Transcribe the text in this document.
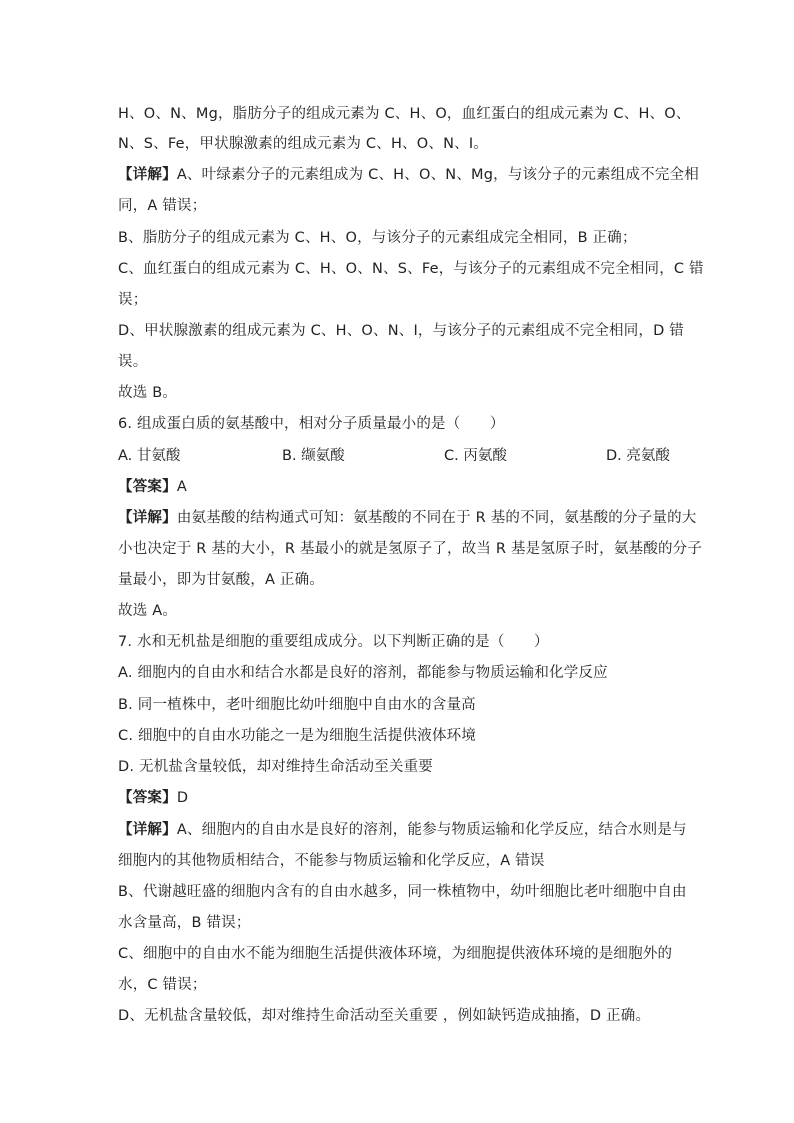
H、O、N、Mg，脂肪分子的组成元素为 C、H、O，血红蛋白的组成元素为 C、H、O、
N、S、Fe，甲状腺激素的组成元素为 C、H、O、N、I。
【详解】A、叶绿素分子的元素组成为 C、H、O、N、Mg，与该分子的元素组成不完全相
同，A 错误；
B、脂肪分子的组成元素为 C、H、O，与该分子的元素组成完全相同，B 正确；
C、血红蛋白的组成元素为 C、H、O、N、S、Fe，与该分子的元素组成不完全相同，C 错
误；
D、甲状腺激素的组成元素为 C、H、O、N、I，与该分子的元素组成不完全相同，D 错
误。
故选 B。
6. 组成蛋白质的氨基酸中，相对分子质量最小的是（　　）
A. 甘氨酸	B. 缬氨酸	C. 丙氨酸	D. 亮氨酸
【答案】A
【详解】由氨基酸的结构通式可知：氨基酸的不同在于 R 基的不同，氨基酸的分子量的大
小也决定于 R 基的大小，R 基最小的就是氢原子了，故当 R 基是氢原子时，氨基酸的分子
量最小，即为甘氨酸，A 正确。
故选 A。
7. 水和无机盐是细胞的重要组成成分。以下判断正确的是（　　）
A. 细胞内的自由水和结合水都是良好的溶剂，都能参与物质运输和化学反应
B. 同一植株中，老叶细胞比幼叶细胞中自由水的含量高
C. 细胞中的自由水功能之一是为细胞生活提供液体环境
D. 无机盐含量较低，却对维持生命活动至关重要
【答案】D
【详解】A、细胞内的自由水是良好的溶剂，能参与物质运输和化学反应，结合水则是与
细胞内的其他物质相结合，不能参与物质运输和化学反应，A 错误
B、代谢越旺盛的细胞内含有的自由水越多，同一株植物中，幼叶细胞比老叶细胞中自由
水含量高，B 错误；
C、细胞中的自由水不能为细胞生活提供液体环境，为细胞提供液体环境的是细胞外的
水，C 错误；
D、无机盐含量较低，却对维持生命活动至关重要 ，例如缺钙造成抽搐，D 正确。
